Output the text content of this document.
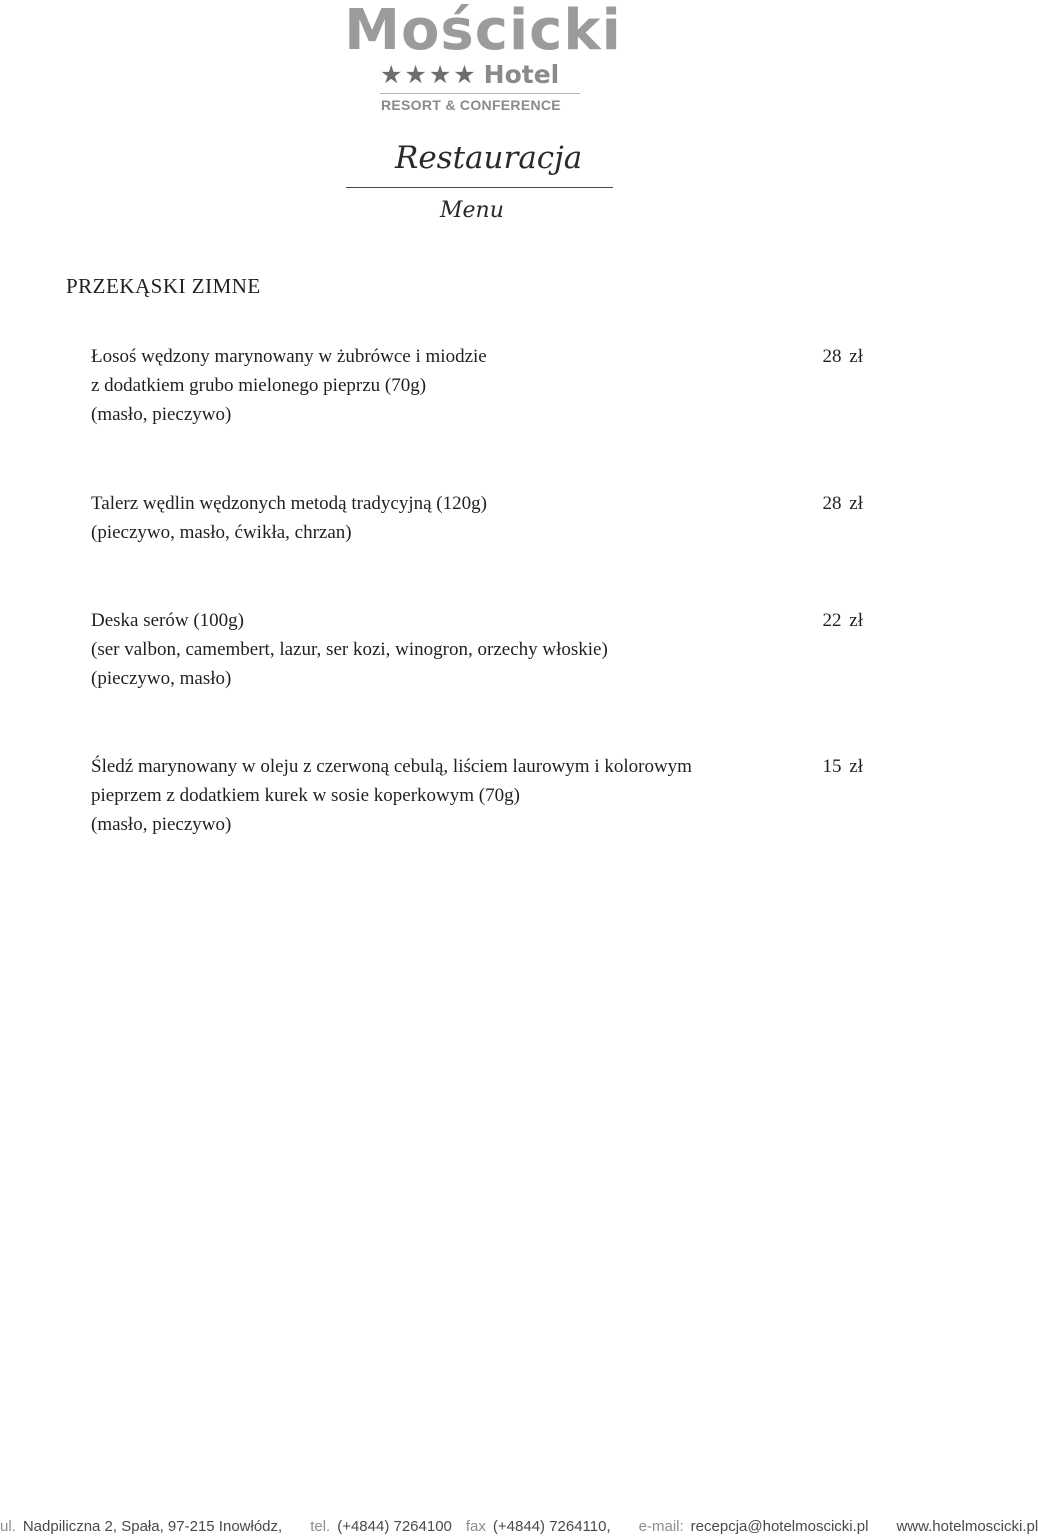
Mościcki
★★★★ Hotel
RESORT & CONFERENCE
Restauracja
Menu
PRZEKĄSKI ZIMNE
Łosoś wędzony marynowany w żubrówce i miodzie
z dodatkiem grubo mielonego pieprzu (70g)
(masło, pieczywo)
28 zł
Talerz wędlin wędzonych metodą tradycyjną (120g)
(pieczywo, masło, ćwikła, chrzan)
28 zł
Deska serów (100g)
(ser valbon, camembert, lazur, ser kozi, winogron, orzechy włoskie)
(pieczywo, masło)
22 zł
Śledź marynowany w oleju z czerwoną cebulą, liściem laurowym i kolorowym
pieprzem z dodatkiem kurek w sosie koperkowym (70g)
(masło, pieczywo)
15 zł
ul. Nadpiliczna 2, Spała, 97-215 Inowłódz, tel. (+4844) 7264100 fax (+4844) 7264110, e-mail: recepcja@hotelmoscicki.pl www.hotelmoscicki.pl
